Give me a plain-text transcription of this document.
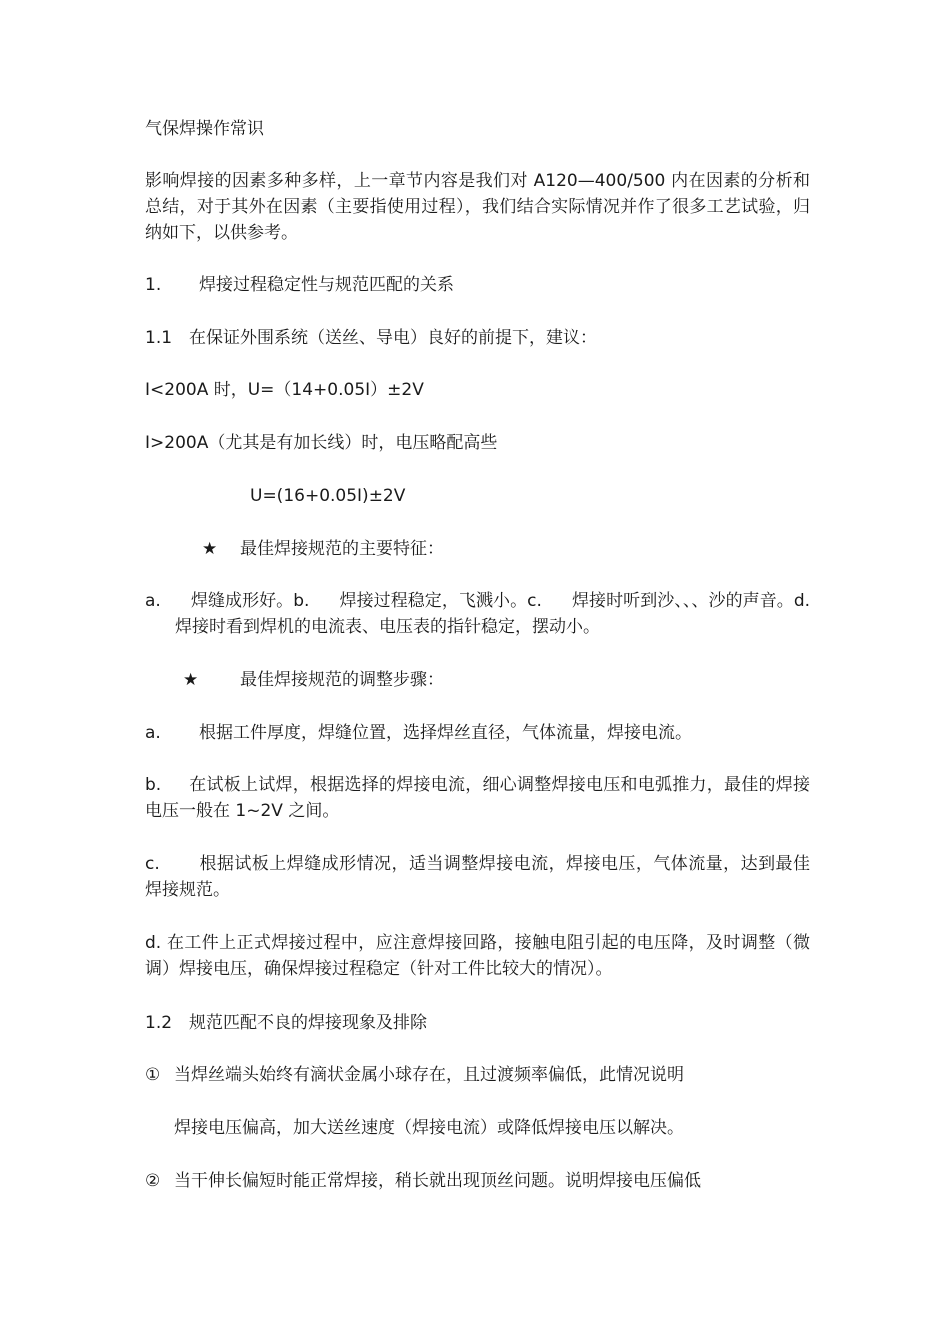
气保焊操作常识
影响焊接的因素多种多样，上一章节内容是我们对 A120—400/500 内在因素的分析和总结，对于其外在因素（主要指使用过程），我们结合实际情况并作了很多工艺试验，归纳如下，以供参考。
1. 焊接过程稳定性与规范匹配的关系
1.1 在保证外围系统（送丝、导电）良好的前提下，建议：
I<200A 时，U=（14+0.05I）±2V
I>200A（尤其是有加长线）时，电压略配高些
U=(16+0.05I)±2V
★ 最佳焊接规范的主要特征：
a. 焊缝成形好。b. 焊接过程稳定，飞溅小。c. 焊接时听到沙、、、沙的声音。d.焊接时看到焊机的电流表、电压表的指针稳定，摆动小。
★ 最佳焊接规范的调整步骤：
a. 根据工件厚度，焊缝位置，选择焊丝直径，气体流量，焊接电流。
b. 在试板上试焊，根据选择的焊接电流，细心调整焊接电压和电弧推力，最佳的焊接电压一般在 1~2V 之间。
c. 根据试板上焊缝成形情况，适当调整焊接电流，焊接电压，气体流量，达到最佳焊接规范。
d. 在工件上正式焊接过程中，应注意焊接回路，接触电阻引起的电压降，及时调整（微调）焊接电压，确保焊接过程稳定（针对工件比较大的情况）。
1.2 规范匹配不良的焊接现象及排除
① 当焊丝端头始终有滴状金属小球存在，且过渡频率偏低，此情况说明
焊接电压偏高，加大送丝速度（焊接电流）或降低焊接电压以解决。
② 当干伸长偏短时能正常焊接，稍长就出现顶丝问题。说明焊接电压偏低
